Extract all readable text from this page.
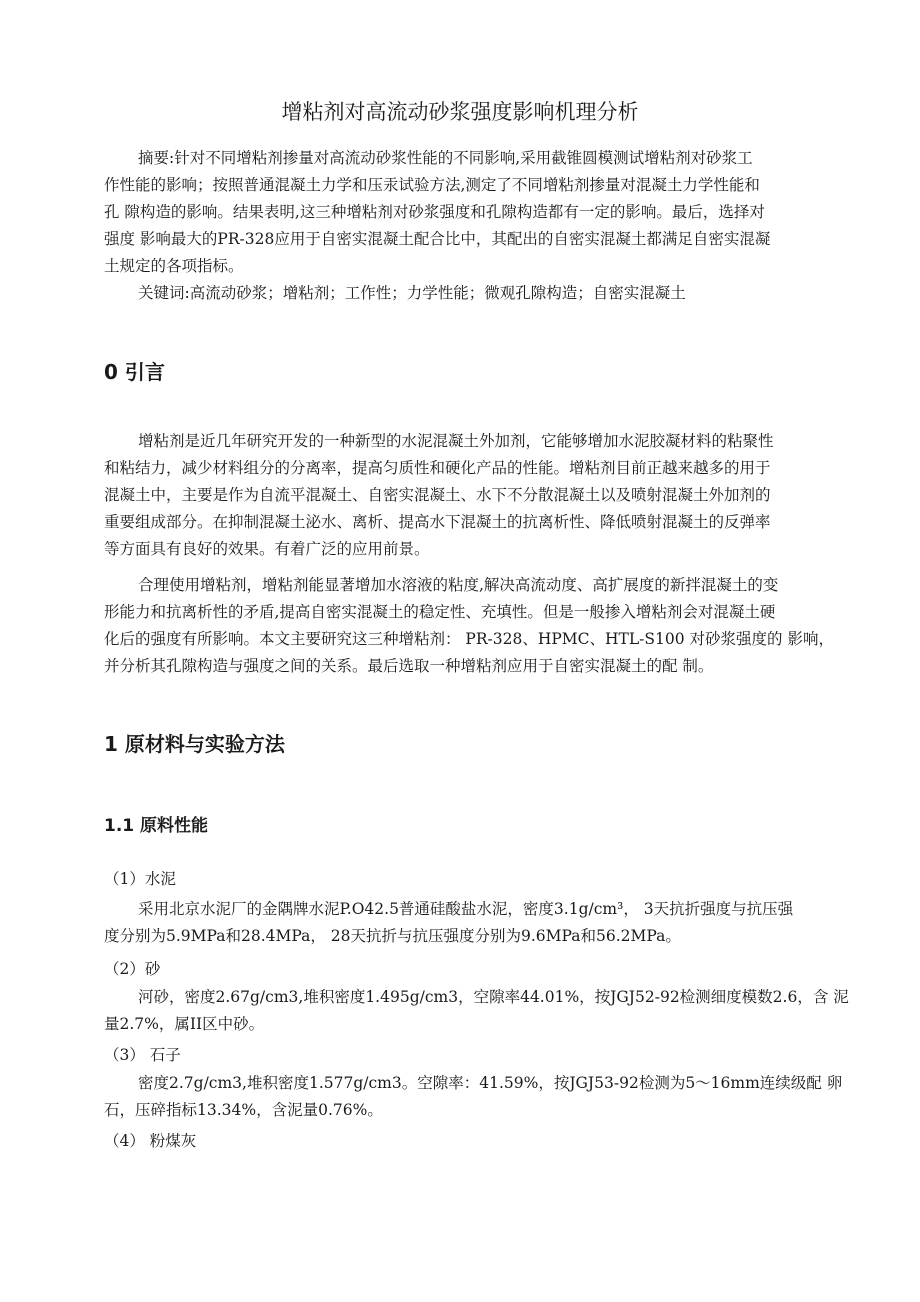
增粘剂对高流动砂浆强度影响机理分析
摘要:针对不同增粘剂掺量对高流动砂浆性能的不同影响,采用截锥圆模测试增粘剂对砂浆工
作性能的影响；按照普通混凝土力学和压汞试验方法,测定了不同增粘剂掺量对混凝土力学性能和
孔 隙构造的影响。结果表明,这三种增粘剂对砂浆强度和孔隙构造都有一定的影响。最后，选择对
强度 影响最大的PR-328应用于自密实混凝土配合比中，其配出的自密实混凝土都满足自密实混凝
土规定的各项指标。
关键词:高流动砂浆；增粘剂；工作性；力学性能；微观孔隙构造；自密实混凝土
0 引言
增粘剂是近几年研究开发的一种新型的水泥混凝土外加剂，它能够增加水泥胶凝材料的粘聚性
和粘结力，减少材料组分的分离率，提高匀质性和硬化产品的性能。增粘剂目前正越来越多的用于
混凝土中，主要是作为自流平混凝土、自密实混凝土、水下不分散混凝土以及喷射混凝土外加剂的
重要组成部分。在抑制混凝土泌水、离析、提高水下混凝土的抗离析性、降低喷射混凝土的反弹率
等方面具有良好的效果。有着广泛的应用前景。
合理使用增粘剂，增粘剂能显著增加水溶液的粘度,解决高流动度、高扩展度的新拌混凝土的变
形能力和抗离析性的矛盾,提高自密实混凝土的稳定性、充填性。但是一般掺入增粘剂会对混凝土硬
化后的强度有所影响。本文主要研究这三种增粘剂： PR-328、HPMC、HTL-S100 对砂浆强度的 影响，
并分析其孔隙构造与强度之间的关系。最后选取一种增粘剂应用于自密实混凝土的配 制。
1 原材料与实验方法
1.1 原料性能
（1）水泥
采用北京水泥厂的金隅牌水泥P.O42.5普通硅酸盐水泥，密度3.1g/cm³， 3天抗折强度与抗压强
度分别为5.9MPa和28.4MPa， 28天抗折与抗压强度分别为9.6MPa和56.2MPa。
（2）砂
河砂，密度2.67g/cm3,堆积密度1.495g/cm3，空隙率44.01%，按JGJ52-92检测细度模数2.6，含 泥
量2.7%，属II区中砂。
（3） 石子
密度2.7g/cm3,堆积密度1.577g/cm3。空隙率：41.59%，按JGJ53-92检测为5～16mm连续级配 卵
石，压碎指标13.34%，含泥量0.76%。
（4） 粉煤灰
